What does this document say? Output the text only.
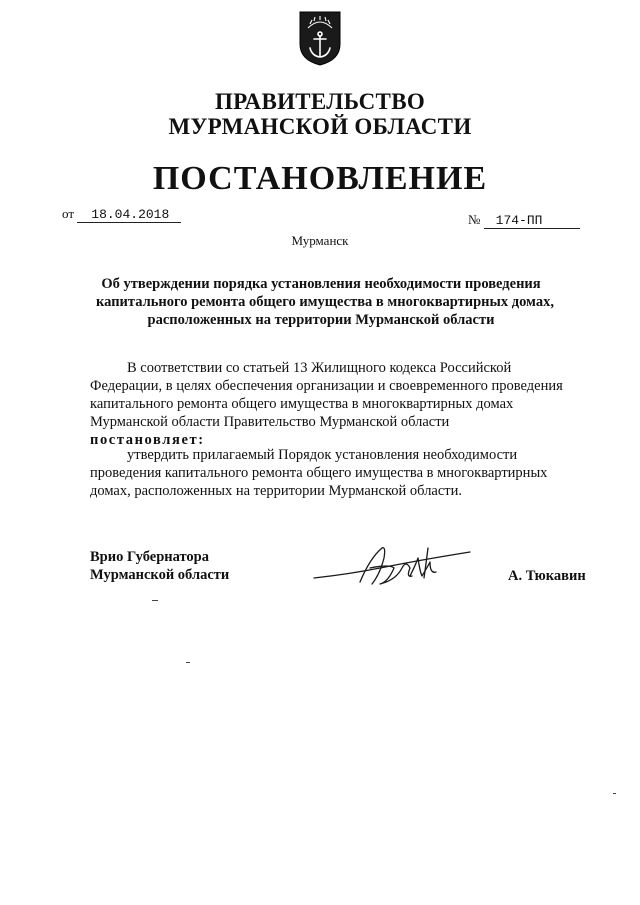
ПРАВИТЕЛЬСТВО
МУРМАНСКОЙ ОБЛАСТИ
ПОСТАНОВЛЕНИЕ
от 18.04.2018	№ 174-ПП
Мурманск
Об утверждении порядка установления необходимости проведения
капитального ремонта общего имущества в многоквартирных домах,
расположенных на территории Мурманской области
В соответствии со статьей 13 Жилищного кодекса Российской
Федерации, в целях обеспечения организации и своевременного проведения
капитального ремонта общего имущества в многоквартирных домах
Мурманской области Правительство Мурманской области
постановляет:
утвердить прилагаемый Порядок установления необходимости
проведения капитального ремонта общего имущества в многоквартирных
домах, расположенных на территории Мурманской области.
Врио Губернатора
Мурманской области	А. Тюкавин
